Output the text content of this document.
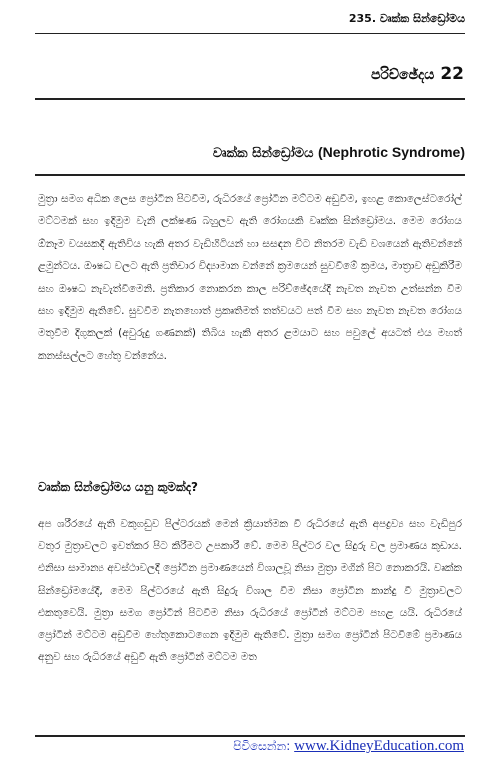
235. වෘක්ක සින්ඩ්‍රෝමය
පරිච්ඡේදය 22
වෘක්ක සින්ඩ්‍රෝමය (Nephrotic Syndrome)

මුත්‍රා සමග අධික ලෙස ප්‍රෝටීන පිටවීම, රුධිරයේ ප්‍රෝටීන මට්ටම අඩුවීම, ඉහළ කොලෙස්ටරෝල් මට්ටමක් සහ ඉදිමුම වැනි ලක්ෂණ බහුලව ඇති රෝගයකි වෘක්ක සින්ඩ්‍රෝමය. මෙම රෝගය ඕනෑම වයසකදී ඇතිවිය හැකි අතර වැඩිහිටියන් හා සසඳන විට නිතරම වැඩි වශයෙන් ඇතිවන්නේ ළමුන්ටය. ඖෂධ වලට ඇති ප්‍රතිචාර විද්‍යාමාන වන්නේ ක්‍රමයෙන් සුවවීමේ ක්‍රමය, මාත්‍රාව අඩුකිරීම සහ ඖෂධ නැවැත්වීමෙනි. ප්‍රතිකාර නොකරන කාල පරිච්ඡේදයේදී නැවත නැවත උත්සන්න වීම සහ ඉදිමුම ඇතිවේ. සුවවීම නැතහොත් ප්‍රකෘතිමත් තත්වයට පත් වීම සහ නැවත නැවත රෝගය මතුවීම දිගුකලක් (අවුරුදු ගණනක්) තිබිය හැකි අතර ළමයාට සහ පවුලේ අයටත් එය මහත් කනස්සල්ලට හේතු වන්නේය.

වෘක්ක සින්ඩ්‍රෝමය යනු කුමක්ද?

අප ශරීරයේ ඇති වකුගඩුව පිල්ටරයක් මෙන් ක්‍රියාත්මක වී රුධිරයේ ඇති අපද්‍රව්‍ය සහ වැඩිපුර වතුර මුත්‍රාවලට ඉවත්කර පිට කිරීමට උපකාරී වේ. මෙම පිල්ටර වල සිදුරු වල ප්‍රමාණය කුඩාය. එනිසා සාමාන්‍ය අවස්ථාවලදී ප්‍රෝටීන ප්‍රමාණයෙන් විශාලවූ නිසා මුත්‍රා මගින් පිට නොකරයි. වෘක්ක සින්ඩ්‍රෝමයේදී, මෙම පිල්ටරයේ ඇති සිදුරු විශාල වීම නිසා ප්‍රෝටීන කාන්දු වී මුත්‍රාවලට එකතුවෙයි. මුත්‍රා සමග ප්‍රෝටීන් පිටවීම නිසා රුධිරයේ ප්‍රෝටීන් මට්ටම පහළ යයි. රුධිරයේ ප්‍රෝටීන් මට්ටම අඩුවීම හේතුකොටගෙන ඉදිමුම ඇතිවේ. මුත්‍රා සමග ප්‍රෝටීන් පිටවීමේ ප්‍රමාණය අනුව සහ රුධිරයේ අඩුවී ඇති ප්‍රෝටීන් මට්ටම මත

පිවිසෙන්න: www.KidneyEducation.com
